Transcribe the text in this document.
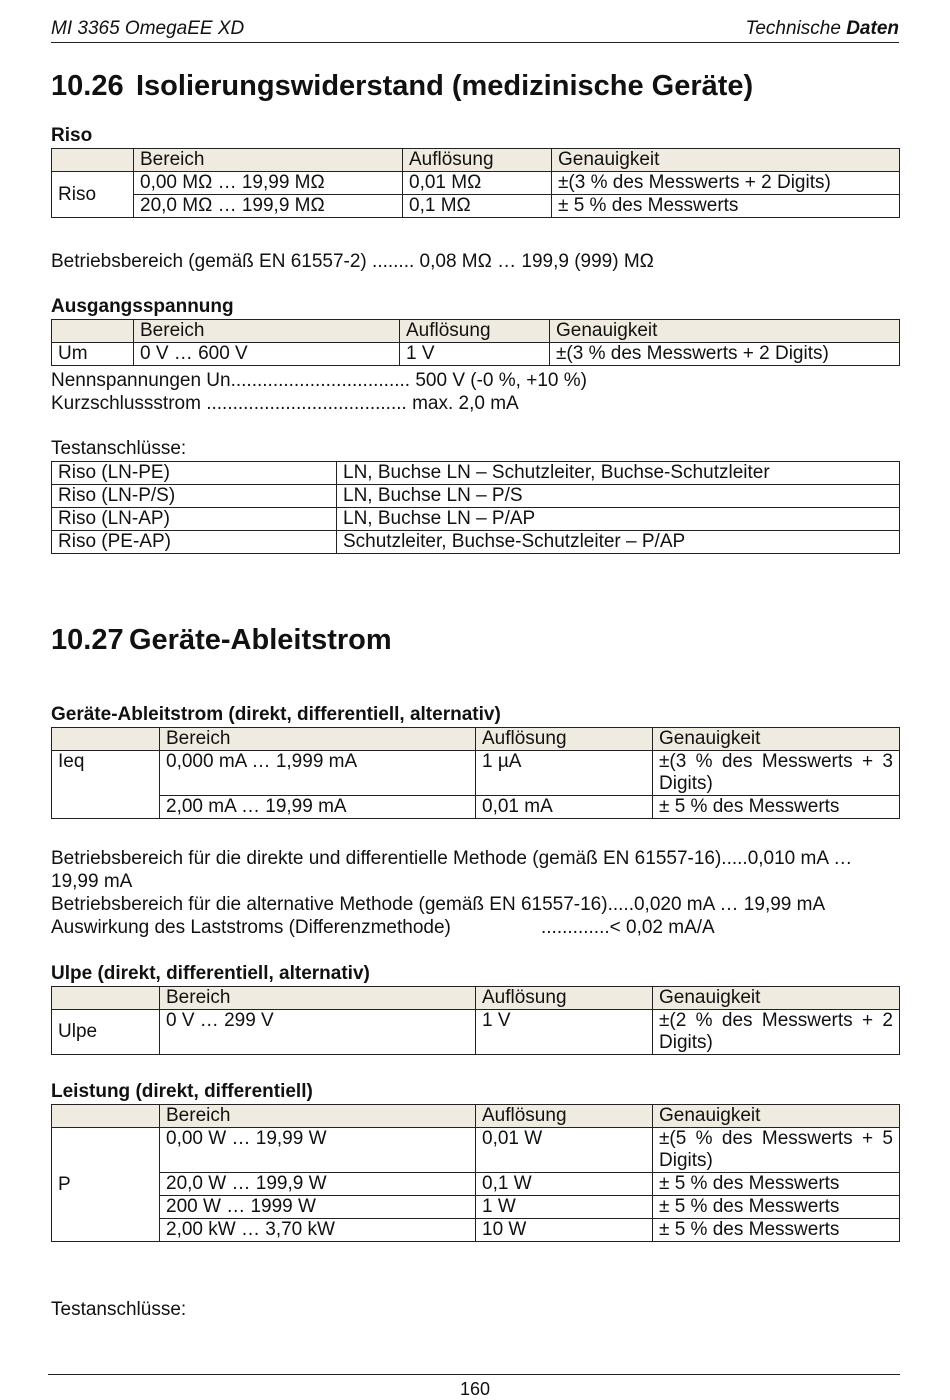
MI 3365 OmegaEE XD	Technische Daten
10.26 Isolierungswiderstand (medizinische Geräte)
Riso
	Bereich	Auflösung	Genauigkeit
Riso	0,00 MΩ … 19,99 MΩ	0,01 MΩ	±(3 % des Messwerts + 2 Digits)
	20,0 MΩ … 199,9 MΩ	0,1 MΩ	± 5 % des Messwerts

Betriebsbereich (gemäß EN 61557-2) ........ 0,08 MΩ … 199,9 (999) MΩ

Ausgangsspannung
	Bereich	Auflösung	Genauigkeit
Um	0 V … 600 V	1 V	±(3 % des Messwerts + 2 Digits)

Nennspannungen Un.................................. 500 V (-0 %, +10 %)

Kurzschlussstrom ...................................... max. 2,0 mA

Testanschlüsse:

Riso (LN-PE)	LN, Buchse LN – Schutzleiter, Buchse-Schutzleiter
Riso (LN-P/S)	LN, Buchse LN – P/S
Riso (LN-AP)	LN, Buchse LN – P/AP
Riso (PE-AP)	Schutzleiter, Buchse-Schutzleiter – P/AP
10.27 Geräte-Ableitstrom
Geräte-Ableitstrom (direkt, differentiell, alternativ)
	Bereich	Auflösung	Genauigkeit
Ieq	0,000 mA … 1,999 mA	1 µA	±(3 % des Messwerts + 3 Digits)
	2,00 mA … 19,99 mA	0,01 mA	± 5 % des Messwerts

Betriebsbereich für die direkte und differentielle Methode (gemäß EN 61557-16).....0,010 mA …

19,99 mA

Betriebsbereich für die alternative Methode (gemäß EN 61557-16).....0,020 mA … 19,99 mA

Auswirkung des Laststroms (Differenzmethode)	.............< 0,02 mA/A

Ulpe (direkt, differentiell, alternativ)
	Bereich	Auflösung	Genauigkeit
Ulpe	0 V … 299 V	1 V	±(2 % des Messwerts + 2 Digits)
Leistung (direkt, differentiell)
	Bereich	Auflösung	Genauigkeit
P	0,00 W … 19,99 W	0,01 W	±(5 % des Messwerts + 5 Digits)
	20,0 W … 199,9 W	0,1 W	± 5 % des Messwerts
	200 W … 1999 W	1 W	± 5 % des Messwerts
	2,00 kW … 3,70 kW	10 W	± 5 % des Messwerts

Testanschlüsse:

160
